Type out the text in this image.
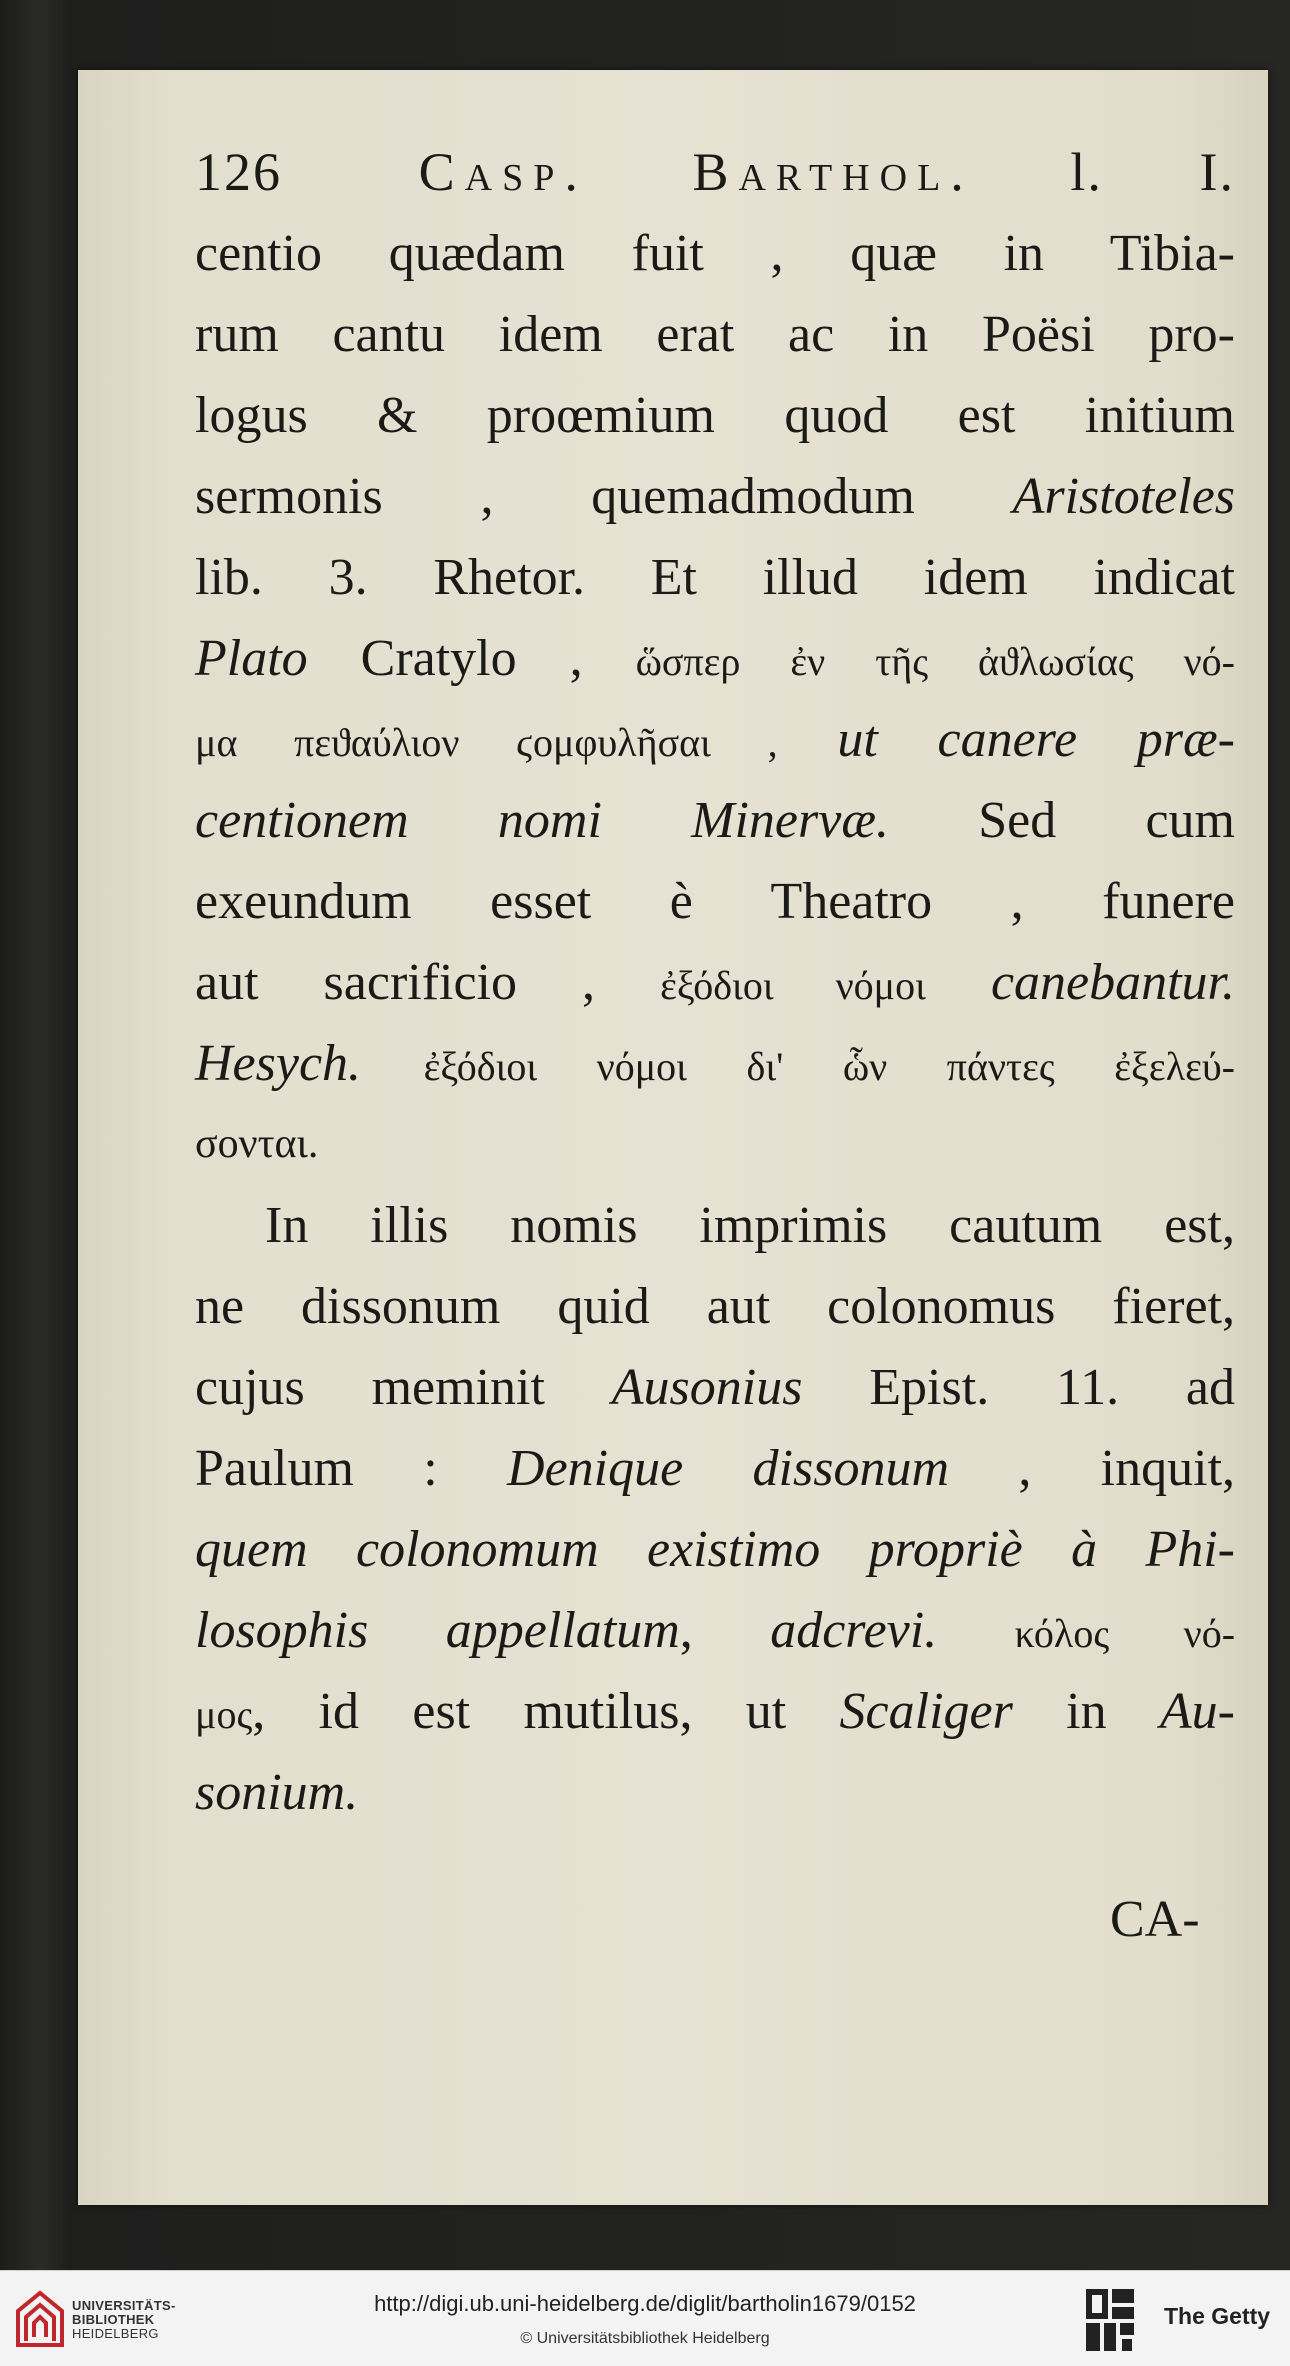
126	Casp. Barthol. l. I.
centio quædam fuit , quæ in Tibia-
rum cantu idem erat ac in Poësi pro-
logus & proœmium quod est initium
sermonis , quemadmodum Aristoteles
lib. 3. Rhetor. Et illud idem indicat
Plato Cratylo , ὥσπερ ἐν τῆς ἀϑλωσίας νό-
μα πεϑαύλιον ϛομφυλῆσαι , ut canere præ-
centionem nomi Minervæ. Sed cum
exeundum esset è Theatro , funere
aut sacrificio , ἐξόδιοι νόμοι canebantur.
Hesych. ἐξόδιοι νόμοι δι' ὧν πάντες ἐξελεύ-
σονται.
In illis nomis imprimis cautum est,
ne dissonum quid aut colonomus fieret,
cujus meminit Ausonius Epist. 11. ad
Paulum : Denique dissonum , inquit,
quem colonomum existimo propriè à Phi-
losophis appellatum, adcrevi. κόλος νό-
μος, id est mutilus, ut Scaliger in Au-
sonium.
CA-
UNIVERSITÄTS-
BIBLIOTHEK
HEIDELBERG
http://digi.ub.uni-heidelberg.de/diglit/bartholin1679/0152
© Universitätsbibliothek Heidelberg
The Getty
